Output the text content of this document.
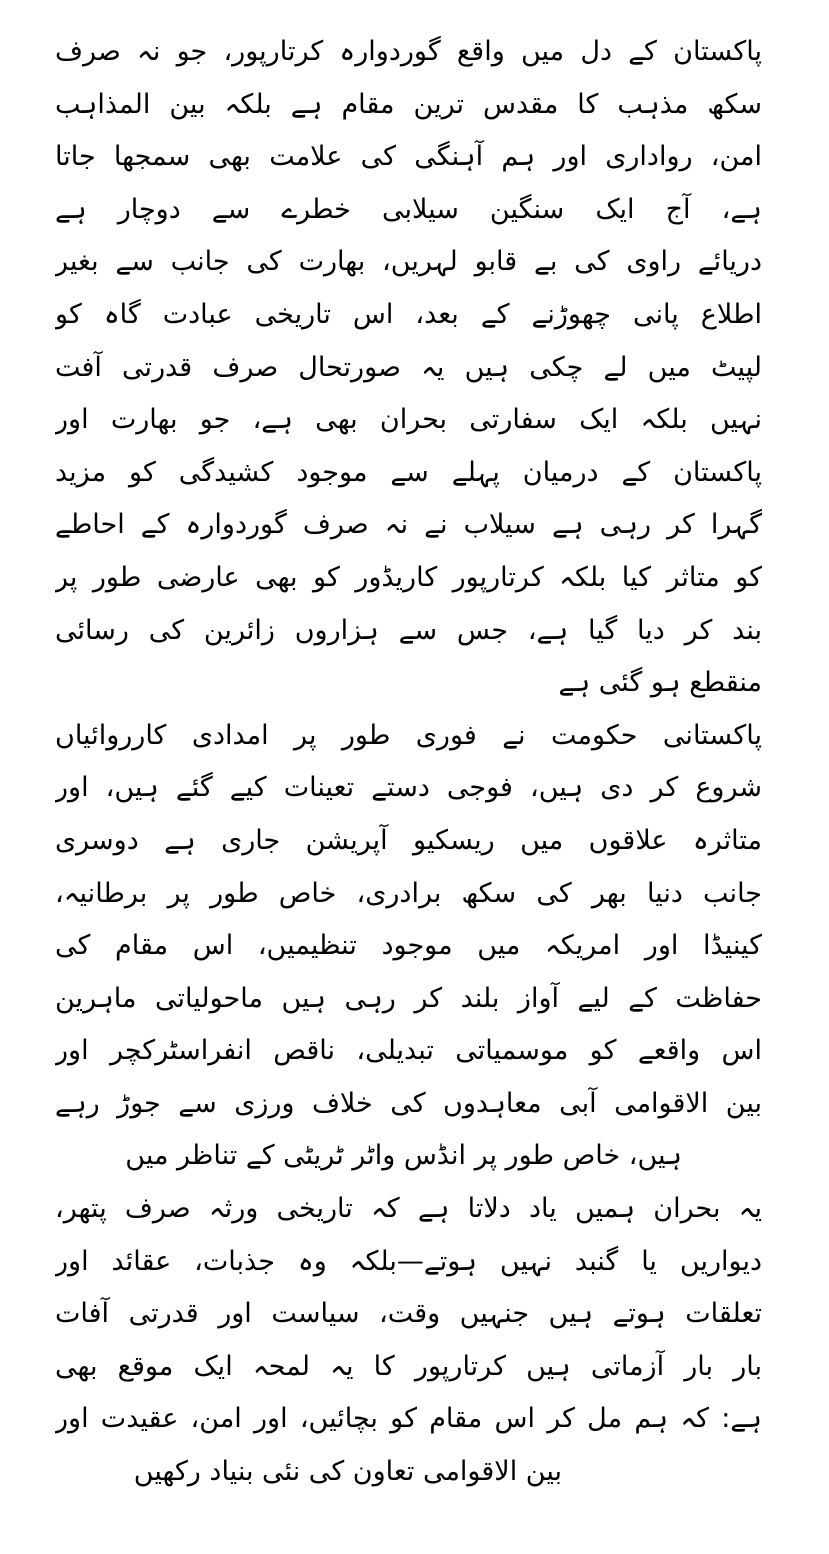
پاکستان کے دل میں واقع گوردوارہ کرتارپور، جو نہ صرف
سکھ مذہب کا مقدس ترین مقام ہے بلکہ بین المذاہب
امن، رواداری اور ہم آہنگی کی علامت بھی سمجھا جاتا
ہے، آج ایک سنگین سیلابی خطرے سے دوچار ہے
دریائے راوی کی بے قابو لہریں، بھارت کی جانب سے بغیر
اطلاع پانی چھوڑنے کے بعد، اس تاریخی عبادت گاہ کو
لپیٹ میں لے چکی ہیں یہ صورتحال صرف قدرتی آفت
نہیں بلکہ ایک سفارتی بحران بھی ہے، جو بھارت اور
پاکستان کے درمیان پہلے سے موجود کشیدگی کو مزید
گہرا کر رہی ہے سیلاب نے نہ صرف گوردوارہ کے احاطے
کو متاثر کیا بلکہ کرتارپور کاریڈور کو بھی عارضی طور پر
بند کر دیا گیا ہے، جس سے ہزاروں زائرین کی رسائی
منقطع ہو گئی ہے
پاکستانی حکومت نے فوری طور پر امدادی کارروائیاں
شروع کر دی ہیں، فوجی دستے تعینات کیے گئے ہیں، اور
متاثرہ علاقوں میں ریسکیو آپریشن جاری ہے دوسری
جانب دنیا بھر کی سکھ برادری، خاص طور پر برطانیہ،
کینیڈا اور امریکہ میں موجود تنظیمیں، اس مقام کی
حفاظت کے لیے آواز بلند کر رہی ہیں ماحولیاتی ماہرین
اس واقعے کو موسمیاتی تبدیلی، ناقص انفراسٹرکچر اور
بین الاقوامی آبی معاہدوں کی خلاف ورزی سے جوڑ رہے
ہیں، خاص طور پر انڈس واٹر ٹریٹی کے تناظر میں
یہ بحران ہمیں یاد دلاتا ہے کہ تاریخی ورثہ صرف پتھر،
دیواریں یا گنبد نہیں ہوتے—بلکہ وہ جذبات، عقائد اور
تعلقات ہوتے ہیں جنہیں وقت، سیاست اور قدرتی آفات
بار بار آزماتی ہیں کرتارپور کا یہ لمحہ ایک موقع بھی
ہے: کہ ہم مل کر اس مقام کو بچائیں، اور امن، عقیدت اور
بین الاقوامی تعاون کی نئی بنیاد رکھیں
